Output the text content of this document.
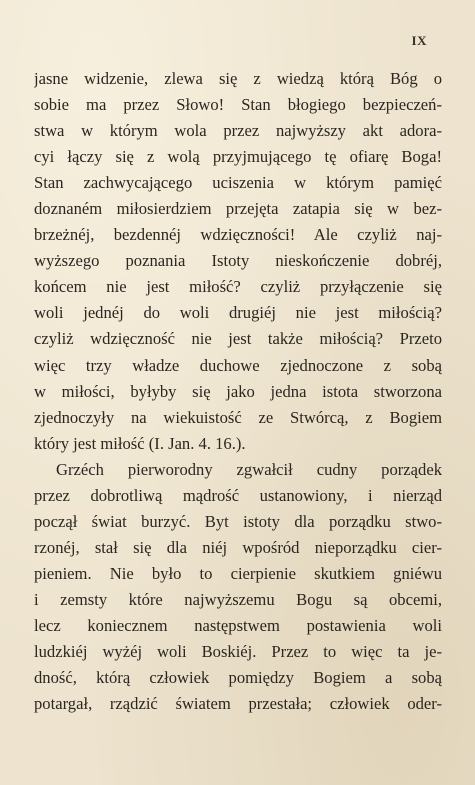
IX
jasne widzenie, zlewa się z wiedzą którą Bóg o
sobie ma przez Słowo! Stan błogiego bezpieczeń-
stwa w którym wola przez najwyższy akt adora-
cyi łączy się z wolą przyjmującego tę ofiarę Boga!
Stan zachwycającego uciszenia w którym pamięć
doznaném miłosierdziem przejęta zatapia się w bez-
brzeżnéj, bezdennéj wdzięczności! Ale czyliż naj-
wyższego poznania Istoty nieskończenie dobréj,
końcem nie jest miłość? czyliż przyłączenie się
woli jednéj do woli drugiéj nie jest miłością?
czyliż wdzięczność nie jest także miłością? Przeto
więc trzy władze duchowe zjednoczone z sobą
w miłości, byłyby się jako jedna istota stworzona
zjednoczyły na wiekuistość ze Stwórcą, z Bogiem
który jest miłość (I. Jan. 4. 16.).
Grzéch pierworodny zgwałcił cudny porządek
przez dobrotliwą mądrość ustanowiony, i nierząd
począł świat burzyć. Byt istoty dla porządku stwo-
rzonéj, stał się dla niéj wpośród nieporządku cier-
pieniem. Nie było to cierpienie skutkiem gniéwu
i zemsty które najwyższemu Bogu są obcemi,
lecz koniecznem następstwem postawienia woli
ludzkiéj wyżéj woli Boskiéj. Przez to więc ta je-
dność, którą człowiek pomiędzy Bogiem a sobą
potargał, rządzić światem przestała; człowiek oder-
